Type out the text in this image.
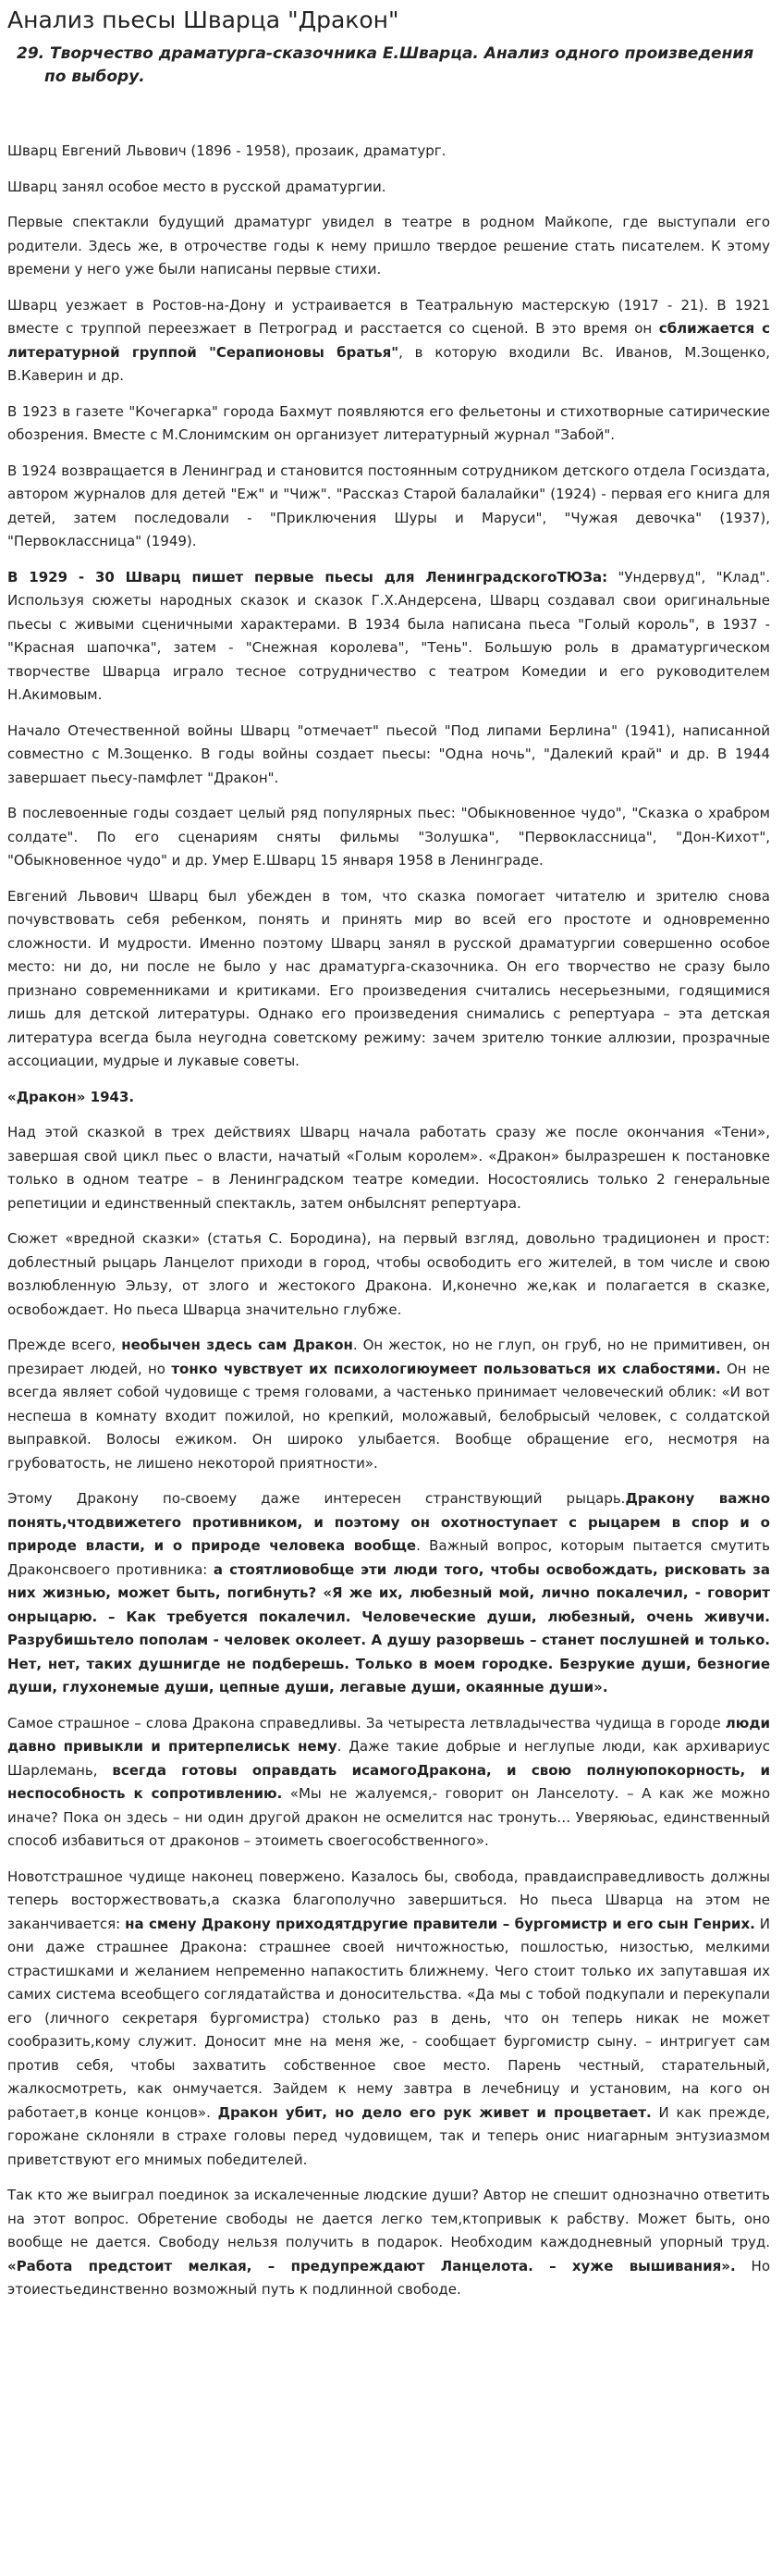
Анализ пьесы Шварца "Дракон"
29. Творчество драматурга-сказочника Е.Шварца. Анализ одного произведения по выбору.

Шварц Евгений Львович (1896 - 1958), прозаик, драматург.

Шварц занял особое место в русской драматургии.

Первые спектакли будущий драматург увидел в театре в родном Майкопе, где выступали его родители. Здесь же, в отрочестве годы к нему пришло твердое решение стать писателем. К этому времени у него уже были написаны первые стихи.

Шварц уезжает в Ростов-на-Дону и устраивается в Театральную мастерскую (1917 - 21). В 1921 вместе с труппой переезжает в Петроград и расстается со сценой. В это время он сближается с литературной группой "Серапионовы братья", в которую входили Вс. Иванов, М.Зощенко, В.Каверин и др.

В 1923 в газете "Кочегарка" города Бахмут появляются его фельетоны и стихотворные сатирические обозрения. Вместе с М.Слонимским он организует литературный журнал "Забой".

В 1924 возвращается в Ленинград и становится постоянным сотрудником детского отдела Госиздата, автором журналов для детей "Еж" и "Чиж". "Рассказ Старой балалайки" (1924) - первая его книга для детей, затем последовали - "Приключения Шуры и Маруси", "Чужая девочка" (1937), "Первоклассница" (1949).

В 1929 - 30 Шварц пишет первые пьесы для ЛенинградскогоТЮЗа: "Ундервуд", "Клад". Используя сюжеты народных сказок и сказок Г.Х.Андерсена, Шварц создавал свои оригинальные пьесы с живыми сценичными характерами. В 1934 была написана пьеса "Голый король", в 1937 - "Красная шапочка", затем - "Снежная королева", "Тень". Большую роль в драматургическом творчестве Шварца играло тесное сотрудничество с театром Комедии и его руководителем Н.Акимовым.

Начало Отечественной войны Шварц "отмечает" пьесой "Под липами Берлина" (1941), написанной совместно с М.Зощенко. В годы войны создает пьесы: "Одна ночь", "Далекий край" и др. В 1944 завершает пьесу-памфлет "Дракон".

В послевоенные годы создает целый ряд популярных пьес: "Обыкновенное чудо", "Сказка о храбром солдате". По его сценариям сняты фильмы "Золушка", "Первоклассница", "Дон-Кихот", "Обыкновенное чудо" и др. Умер Е.Шварц 15 января 1958 в Ленинграде.

Евгений Львович Шварц был убежден в том, что сказка помогает читателю и зрителю снова почувствовать себя ребенком, понять и принять мир во всей его простоте и одновременно сложности. И мудрости. Именно поэтому Шварц занял в русской драматургии совершенно особое место: ни до, ни после не было у нас драматурга-сказочника. Он его творчество не сразу было признано современниками и критиками. Его произведения считались несерьезными, годящимися лишь для детской литературы. Однако его произведения снимались с репертуара – эта детская литература всегда была неугодна советскому режиму: зачем зрителю тонкие аллюзии, прозрачные ассоциации, мудрые и лукавые советы.

«Дракон» 1943.

Над этой сказкой в трех действиях Шварц начала работать сразу же после окончания «Тени», завершая свой цикл пьес о власти, начатый «Голым королем». «Дракон» былразрешен к постановке только в одном театре – в Ленинградском театре комедии. Носостоялись только 2 генеральные репетиции и единственный спектакль, затем онбылснят репертуара.

Сюжет «вредной сказки» (статья С. Бородина), на первый взгляд, довольно традиционен и прост: доблестный рыцарь Ланцелот приходи в город, чтобы освободить его жителей, в том числе и свою возлюбленную Эльзу, от злого и жестокого Дракона. И,конечно же,как и полагается в сказке, освобождает. Но пьеса Шварца значительно глубже.

Прежде всего, необычен здесь сам Дракон. Он жесток, но не глуп, он груб, но не примитивен, он презирает людей, но тонко чувствует их психологиюумеет пользоваться их слабостями. Он не всегда являет собой чудовище с тремя головами, а частенько принимает человеческий облик: «И вот неспеша в комнату входит пожилой, но крепкий, моложавый, белобрысый человек, с солдатской выправкой. Волосы ежиком. Он широко улыбается. Вообще обращение его, несмотря на грубоватость, не лишено некоторой приятности».

Этому Дракону по-своему даже интересен странствующий рыцарь.Дракону важно понять,чтодвижетего противником, и поэтому он охотноступает с рыцарем в спор и о природе власти, и о природе человека вообще. Важный вопрос, которым пытается смутить Драконсвоего противника: а стоятлиовобще эти люди того, чтобы освобождать, рисковать за них жизнью, может быть, погибнуть? «Я же их, любезный мой, лично покалечил, - говорит онрыцарю. – Как требуется покалечил. Человеческие души, любезный, очень живучи. Разрубишьтело пополам - человек околеет. А душу разорвешь – станет послушней и только. Нет, нет, таких душнигде не подберешь. Только в моем городке. Безрукие души, безногие души, глухонемые души, цепные души, легавые души, окаянные души».

Самое страшное – слова Дракона справедливы. За четыреста летвладычества чудища в городе люди давно привыкли и притерпелиськ нему. Даже такие добрые и неглупые люди, как архивариус Шарлемань, всегда готовы оправдать исамогоДракона, и свою полнуюпокорность, и неспособность к сопротивлению. «Мы не жалуемся,- говорит он Ланселоту. – А как же можно иначе? Пока он здесь – ни один другой дракон не осмелится нас тронуть… Уверяюьас, единственный способ избавиться от драконов – этоиметь своегособственного».

Новотстрашное чудище наконец повержено. Казалось бы, свобода, правдаисправедливость должны теперь восторжествовать,а сказка благополучно завершиться. Но пьеса Шварца на этом не заканчивается: на смену Дракону приходятдругие правители – бургомистр и его сын Генрих. И они даже страшнее Дракона: страшнее своей ничтожностью, пошлостью, низостью, мелкими страстишками и желанием непременно напакостить ближнему. Чего стоит только их запутавшая их самих система всеобщего соглядатайства и доносительства. «Да мы с тобой подкупали и перекупали его (личного секретаря бургомистра) столько раз в день, что он теперь никак не может сообразить,кому служит. Доносит мне на меня же, - сообщает бургомистр сыну. – интригует сам против себя, чтобы захватить собственное свое место. Парень честный, старательный, жалкосмотреть, как онмучается. Зайдем к нему завтра в лечебницу и установим, на кого он работает,в конце концов». Дракон убит, но дело его рук живет и процветает. И как прежде, горожане склоняли в страхе головы перед чудовищем, так и теперь онис ниагарным энтузиазмом приветствуют его мнимых победителей.

Так кто же выиграл поединок за искалеченные людские души? Автор не спешит однозначно ответить на этот вопрос. Обретение свободы не дается легко тем,ктопривык к рабству. Может быть, оно вообще не дается. Свободу нельзя получить в подарок. Необходим каждодневный упорный труд. «Работа предстоит мелкая, – предупреждают Ланцелота. – хуже вышивания». Но этоиестьединственно возможный путь к подлинной свободе.
